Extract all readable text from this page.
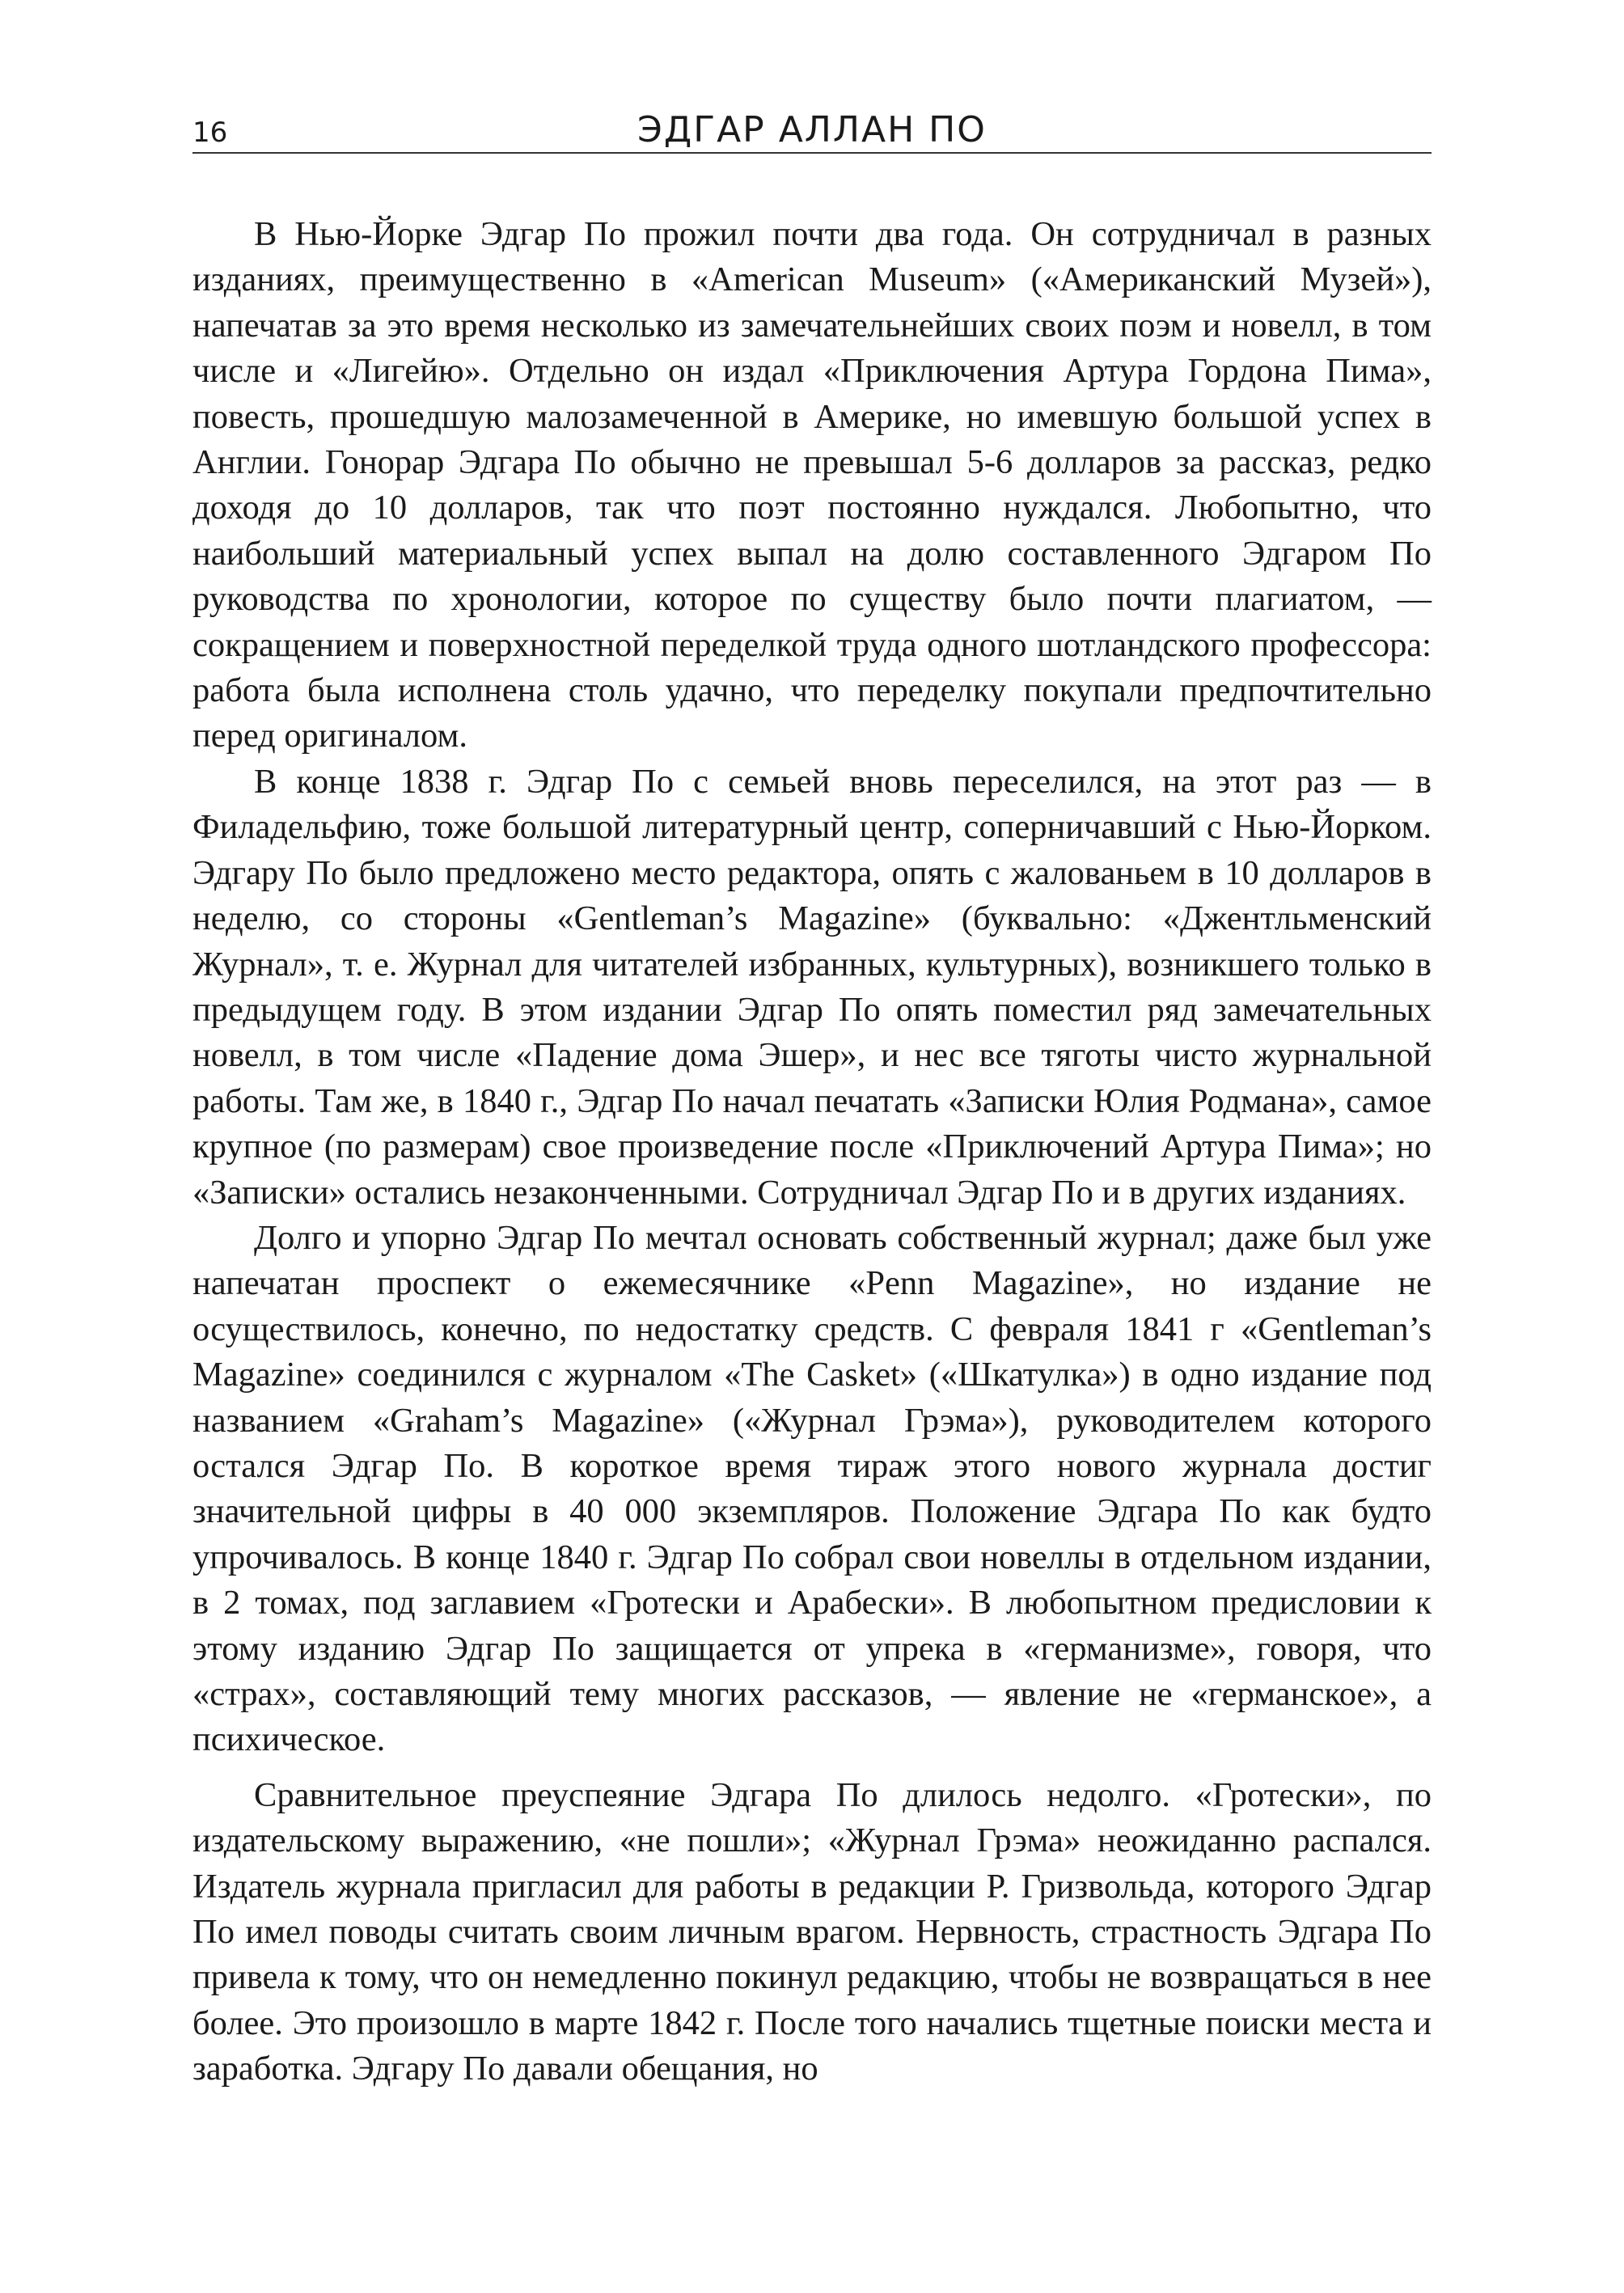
16	ЭДГАР АЛЛАН ПО

В Нью-Йорке Эдгар По прожил почти два года. Он сотрудничал в разных изданиях, преимущественно в «American Museum» («Американский Музей»), напечатав за это время несколько из замечательнейших своих поэм и новелл, в том числе и «Лигейю». Отдельно он издал «Приключения Артура Гордона Пима», повесть, прошедшую малозамеченной в Америке, но имевшую большой успех в Англии. Гонорар Эдгара По обычно не превышал 5-6 долларов за рассказ, редко доходя до 10 долларов, так что поэт постоянно нуждался. Любопытно, что наибольший материальный успех выпал на долю составленного Эдгаром По руководства по хронологии, которое по существу было почти плагиатом, — сокращением и поверхностной переделкой труда одного шотландского профессора: работа была исполнена столь удачно, что переделку покупали предпочтительно перед оригиналом.

В конце 1838 г. Эдгар По с семьей вновь переселился, на этот раз — в Филадельфию, тоже большой литературный центр, соперничавший с Нью-Йорком. Эдгару По было предложено место редактора, опять с жалованьем в 10 долларов в неделю, со стороны «Gentleman’s Magazine» (буквально: «Джентльменский Журнал», т. е. Журнал для читателей избранных, культурных), возникшего только в предыдущем году. В этом издании Эдгар По опять поместил ряд замечательных новелл, в том числе «Падение дома Эшер», и нес все тяготы чисто журнальной работы. Там же, в 1840 г., Эдгар По начал печатать «Записки Юлия Родмана», самое крупное (по размерам) свое произведение после «Приключений Артура Пима»; но «Записки» остались незаконченными. Сотрудничал Эдгар По и в других изданиях.

Долго и упорно Эдгар По мечтал основать собственный журнал; даже был уже напечатан проспект о ежемесячнике «Penn Magazine», но издание не осуществилось, конечно, по недостатку средств. С февраля 1841 г «Gentleman’s Magazine» соединился с журналом «The Casket» («Шкатулка») в одно издание под названием «Graham’s Magazine» («Журнал Грэма»), руководителем которого остался Эдгар По. В короткое время тираж этого нового журнала достиг значительной цифры в 40 000 экземпляров. Положение Эдгара По как будто упрочивалось. В конце 1840 г. Эдгар По собрал свои новеллы в отдельном издании, в 2 томах, под заглавием «Гротески и Арабески». В любопытном предисловии к этому изданию Эдгар По защищается от упрека в «германизме», говоря, что «страх», составляющий тему многих рассказов, — явление не «германское», а психическое.

Сравнительное преуспеяние Эдгара По длилось недолго. «Гротески», по издательскому выражению, «не пошли»; «Журнал Грэма» неожиданно распался. Издатель журнала пригласил для работы в редакции Р. Гризвольда, которого Эдгар По имел поводы считать своим личным врагом. Нервность, страстность Эдгара По привела к тому, что он немедленно покинул редакцию, чтобы не возвращаться в нее более. Это произошло в марте 1842 г. После того начались тщетные поиски места и заработка. Эдгару По давали обещания, но
